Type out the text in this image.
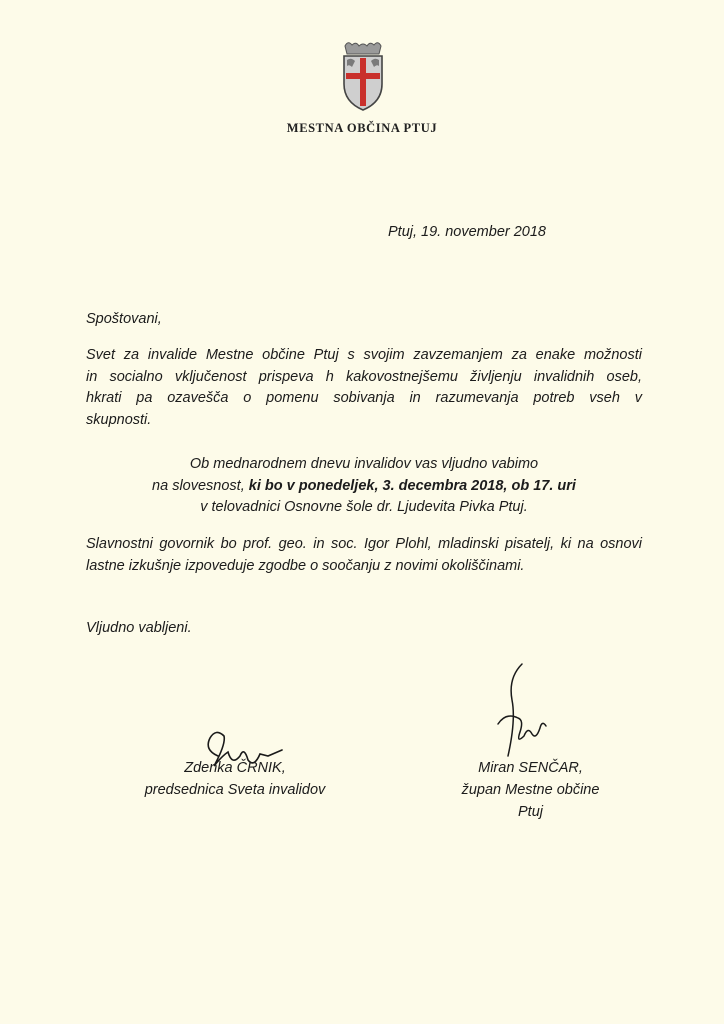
MESTNA OBČINA PTUJ
Ptuj, 19. november 2018
Spoštovani,
Svet za invalide Mestne občine Ptuj s svojim zavzemanjem za enake možnosti
in socialno vključenost prispeva h kakovostnejšemu življenju invalidnih oseb,
hkrati pa ozavešča o pomenu sobivanja in razumevanja potreb vseh v
skupnosti.
Ob mednarodnem dnevu invalidov vas vljudno vabimo
na slovesnost, ki bo v ponedeljek, 3. decembra 2018, ob 17. uri
v telovadnici Osnovne šole dr. Ljudevita Pivka Ptuj.
Slavnostni govornik bo prof. geo. in soc. Igor Plohl, mladinski pisatelj, ki na osnovi
lastne izkušnje izpoveduje zgodbe o soočanju z novimi okoliščinami.
Vljudno vabljeni.
Zdenka ČRNIK,
predsednica Sveta invalidov
Miran SENČAR,
župan Mestne občine Ptuj
